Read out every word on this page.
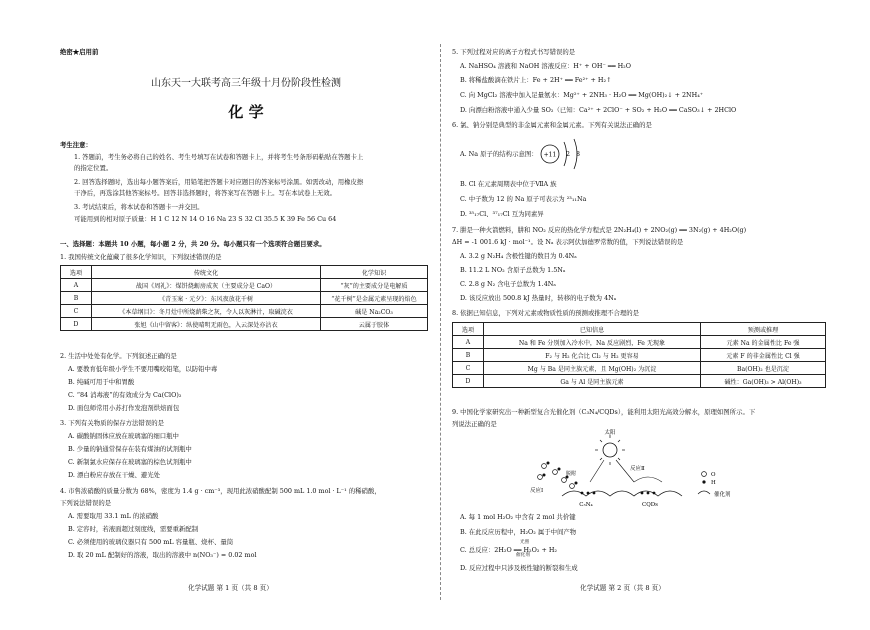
绝密★启用前
山东天一大联考高三年级十月份阶段性检测
化 学
考生注意：
1. 答题前，考生务必将自己的姓名、考生号填写在试卷和答题卡上，并将考生号条形码粘贴在答题卡上
的指定位置。
2. 回答选择题时，选出每小题答案后，用铅笔把答题卡对应题目的答案标号涂黑。如需改动，用橡皮擦
干净后，再选涂其他答案标号。回答非选择题时，将答案写在答题卡上。写在本试卷上无效。
3. 考试结束后，将本试卷和答题卡一并交回。
可能用到的相对原子质量：H 1 C 12 N 14 O 16 Na 23 S 32 Cl 35.5 K 39 Fe 56 Cu 64
一、选择题：本题共 10 小题，每小题 2 分，共 20 分。每小题只有一个选项符合题目要求。
1. 我国传统文化蕴藏了很多化学知识，下列叙述错误的是
选项	传统文化	化学知识
A	战国《周礼》：煤饼烧蛎房成灰（主要成分是 CaO）	“灰”的主要成分是电解质
B	《青玉案 · 元夕》：东风夜放花千树	“花千树”是金属元素呈现的焰色
C	《本草纲目》：冬月灶中所烧薪柴之灰，令人以灰淋汁，取碱浣衣	碱是 Na₂CO₃
D	张旭《山中留客》：纵使晴明无雨色，入云深处亦沾衣	云属于胶体
2. 生活中处处有化学。下列叙述正确的是
A. 要教育低年级小学生不要用嘴咬铅笔，以防铅中毒
B. 纯碱可用于中和胃酸
C. “84 消毒液”的有效成分为 Ca(ClO)₂
D. 面包师常用小苏打作发泡剂烘焙面包
3. 下列有关物质的保存方法错误的是
A. 碳酸钠固体应放在玻璃塞的细口瓶中
B. 少量的钠通常保存在装有煤油的试剂瓶中
C. 新制氯水应保存在玻璃塞的棕色试剂瓶中
D. 漂白粉应存放在干燥、避光处
4. 市售浓硝酸的质量分数为 68%，密度为 1.4 g · cm⁻³，现用此浓硝酸配制 500 mL 1.0 mol · L⁻¹ 的稀硝酸，
下列说法错误的是
A. 需要取用 33.1 mL 的浓硝酸
B. 定容时，若液面超过刻度线，需要重新配制
C. 必须使用的玻璃仪器只有 500 mL 容量瓶、烧杯、量筒
D. 取 20 mL 配制好的溶液，取出的溶液中 n(NO₃⁻) = 0.02 mol
化学试题 第 1 页（共 8 页）
5. 下列过程对应的离子方程式书写错误的是
A. NaHSO₄ 溶液和 NaOH 溶液反应：H⁺ + OH⁻ ══ H₂O
B. 将稀盐酸滴在铁片上：Fe + 2H⁺ ══ Fe²⁺ + H₂↑
C. 向 MgCl₂ 溶液中加入足量氨水：Mg²⁺ + 2NH₃ · H₂O ══ Mg(OH)₂↓ + 2NH₄⁺
D. 向漂白粉溶液中通入少量 SO₂（已知：Ca²⁺ + 2ClO⁻ + SO₂ + H₂O ══ CaSO₃↓ + 2HClO
6. 氯、钠分别是典型的非金属元素和金属元素。下列有关说法正确的是
A. Na 原子的结构示意图： +11 2 8
B. Cl 在元素周期表中位于ⅦA 族
C. 中子数为 12 的 Na 原子可表示为 ²³₁₁Na
D. ³⁵₁₇Cl、³⁷₁₇Cl 互为同素异
7. 肼是一种火箭燃料，肼和 NO₂ 反应的热化学方程式是 2N₂H₄(l) + 2NO₂(g) ══ 3N₂(g) + 4H₂O(g)
ΔH = -1 001.6 kJ · mol⁻¹。设 Nₐ 表示阿伏加德罗常数的值，下列说法错误的是
A. 3.2 g N₂H₄ 含极性键的数目为 0.4Nₐ
B. 11.2 L NO₂ 含原子总数为 1.5Nₐ
C. 2.8 g N₂ 含电子总数为 1.4Nₐ
D. 该反应放出 500.8 kJ 热量时，转移的电子数为 4Nₐ
8. 依据已知信息，下列对元素或物质性质的预测或推理不合理的是
选项	已知信息	预测或推理
A	Na 和 Fe 分别加入冷水中，Na 反应剧烈，Fe 无现象	元素 Na 的金属性比 Fe 强
B	F₂ 与 H₂ 化合比 Cl₂ 与 H₂ 更容易	元素 F 的非金属性比 Cl 强
C	Mg 与 Ba 是同主族元素，且 Mg(OH)₂ 为沉淀	Ba(OH)₂ 也是沉淀
D	Ga 与 Al 是同主族元素	碱性：Ga(OH)₃ > Al(OH)₃
9. 中国化学家研究出一种新型复合光催化剂（C₃N₄/CQDs），能利用太阳光高效分解水，原理如图所示。下
列说法正确的是
太阳
反应Ⅰ
脱附
反应Ⅱ
C₃N₄	CQDs
O
H
催化剂
A. 每 1 mol H₂O₂ 中含有 2 mol 共价键
B. 在此反应历程中，H₂O₂ 属于中间产物
C. 总反应：2H₂O ══ H₂O₂ + H₂
光照
催化剂
D. 反应过程中只涉及极性键的断裂和生成
化学试题 第 2 页（共 8 页）
